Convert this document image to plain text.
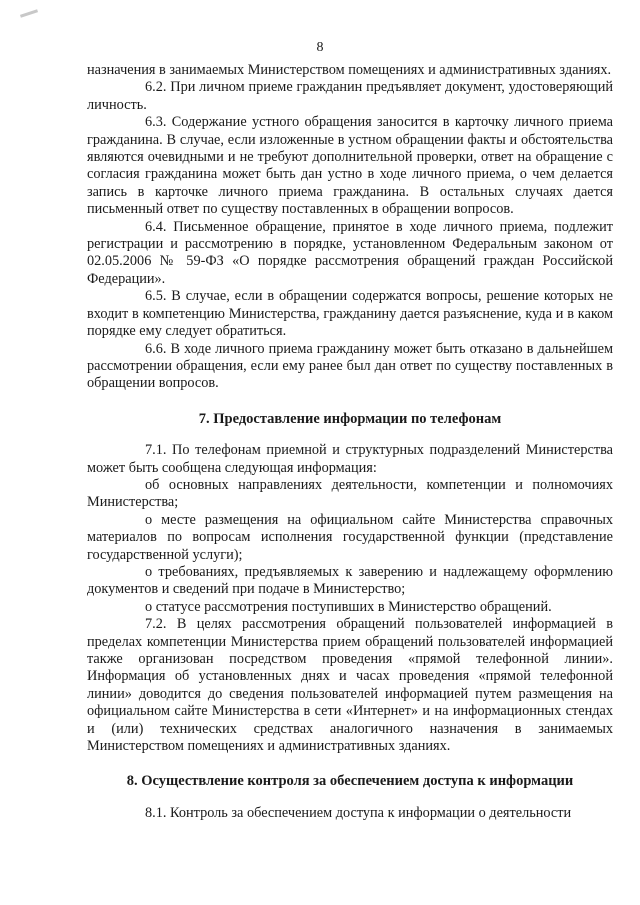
8

назначения в занимаемых Министерством помещениях и административных зданиях.

6.2. При личном приеме гражданин предъявляет документ, удостоверяющий личность.

6.3. Содержание устного обращения заносится в карточку личного приема гражданина. В случае, если изложенные в устном обращении факты и обстоятельства являются очевидными и не требуют дополнительной проверки, ответ на обращение с согласия гражданина может быть дан устно в ходе личного приема, о чем делается запись в карточке личного приема гражданина. В остальных случаях дается письменный ответ по существу поставленных в обращении вопросов.

6.4. Письменное обращение, принятое в ходе личного приема, подлежит регистрации и рассмотрению в порядке, установленном Федеральным законом от 02.05.2006 № 59-ФЗ «О порядке рассмотрения обращений граждан Российской Федерации».

6.5. В случае, если в обращении содержатся вопросы, решение которых не входит в компетенцию Министерства, гражданину дается разъяснение, куда и в каком порядке ему следует обратиться.

6.6. В ходе личного приема гражданину может быть отказано в дальнейшем рассмотрении обращения, если ему ранее был дан ответ по существу поставленных в обращении вопросов.

7. Предоставление информации по телефонам

7.1. По телефонам приемной и структурных подразделений Министерства может быть сообщена следующая информация:

об основных направлениях деятельности, компетенции и полномочиях Министерства;

о месте размещения на официальном сайте Министерства справочных материалов по вопросам исполнения государственной функции (представление государственной услуги);

о требованиях, предъявляемых к заверению и надлежащему оформлению документов и сведений при подаче в Министерство;

о статусе рассмотрения поступивших в Министерство обращений.

7.2. В целях рассмотрения обращений пользователей информацией в пределах компетенции Министерства прием обращений пользователей информацией также организован посредством проведения «прямой телефонной линии». Информация об установленных днях и часах проведения «прямой телефонной линии» доводится до сведения пользователей информацией путем размещения на официальном сайте Министерства в сети «Интернет» и на информационных стендах и (или) технических средствах аналогичного назначения в занимаемых Министерством помещениях и административных зданиях.

8. Осуществление контроля за обеспечением доступа к информации

8.1. Контроль за обеспечением доступа к информации о деятельности
